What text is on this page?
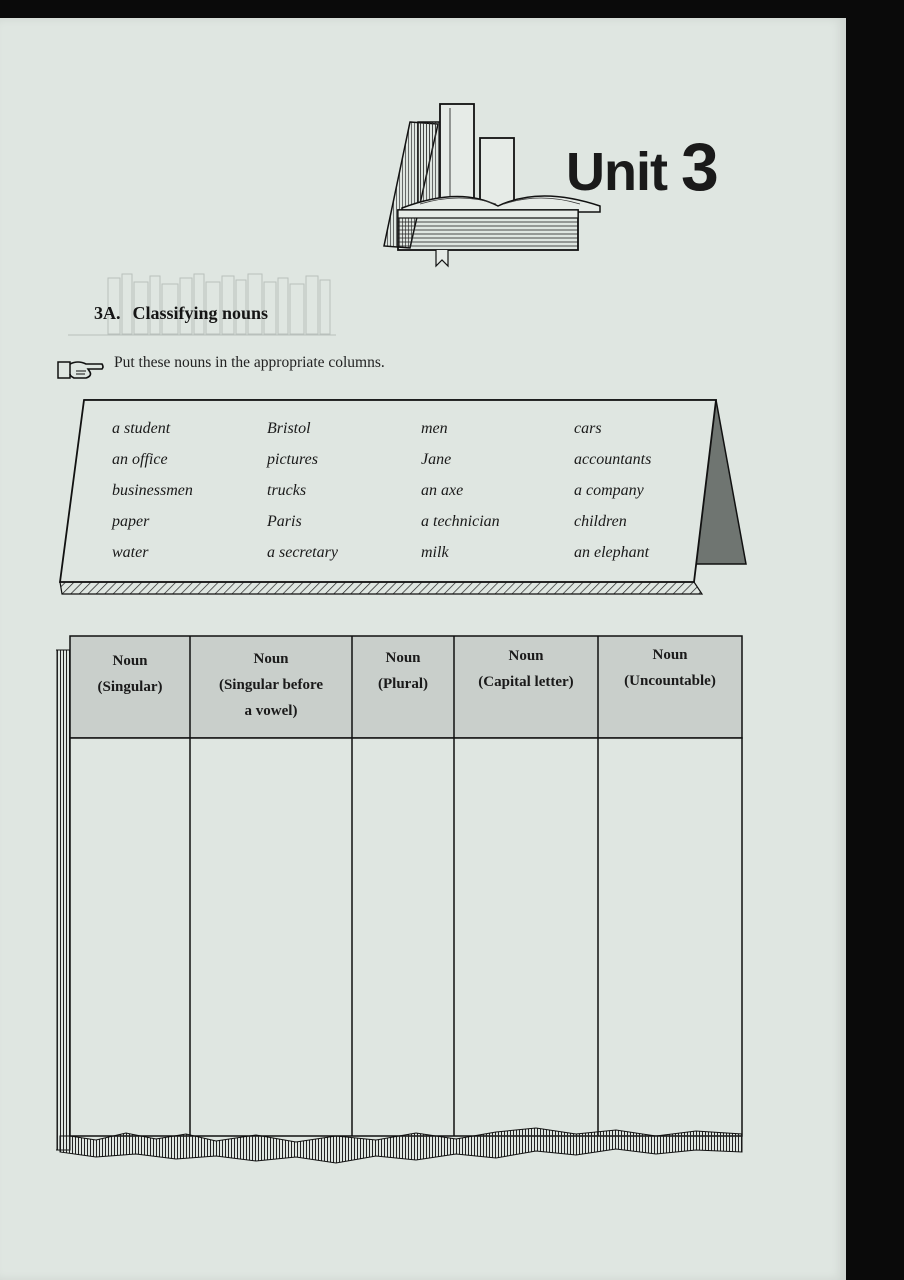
Unit 3
3A. Classifying nouns
Put these nouns in the appropriate columns.
a student
an office
businessmen
paper
water
Bristol
pictures
trucks
Paris
a secretary
men
Jane
an axe
a technician
milk
cars
accountants
a company
children
an elephant
Noun
(Singular)
Noun
(Singular before
a vowel)
Noun
(Plural)
Noun
(Capital letter)
Noun
(Uncountable)
